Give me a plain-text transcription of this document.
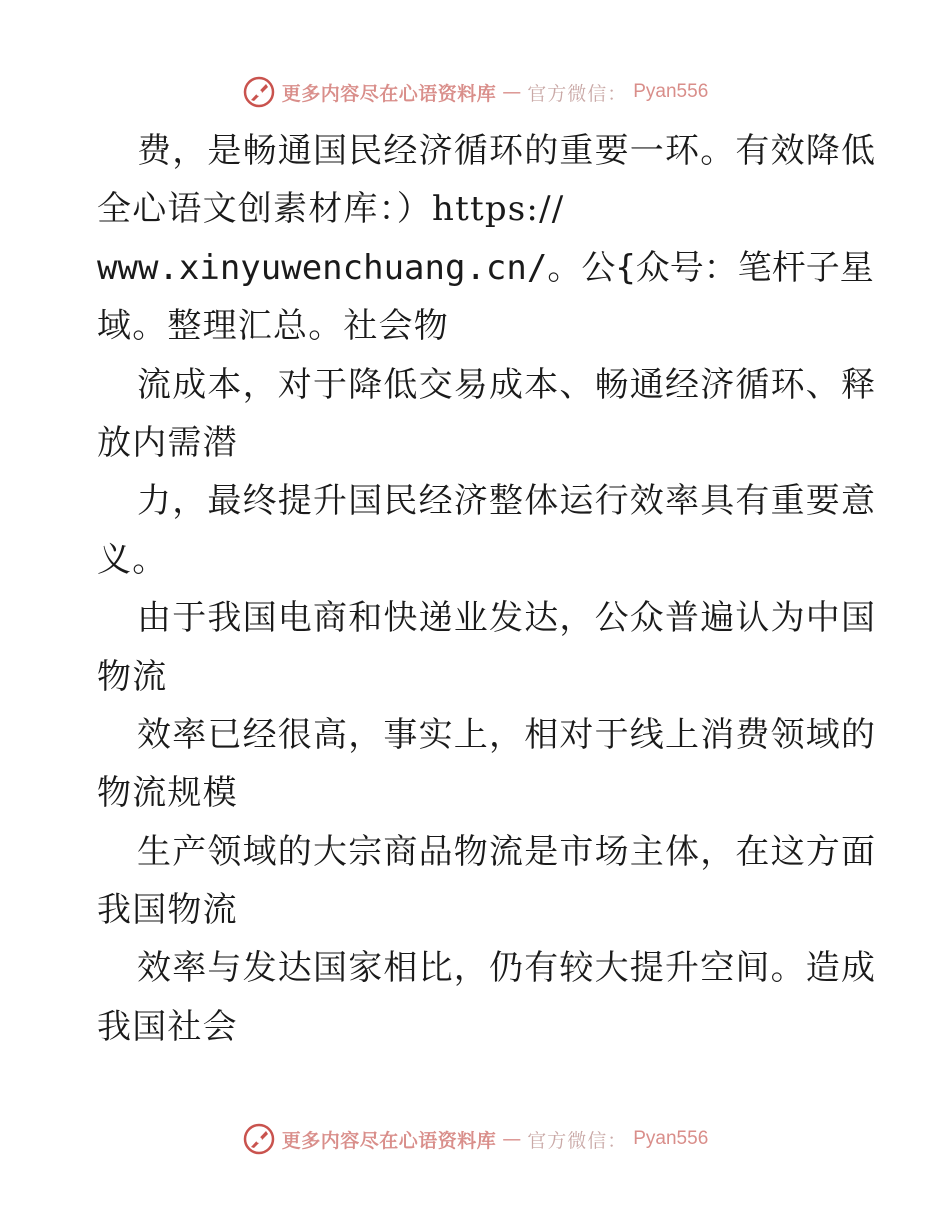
更多内容尽在心语资料库 — 官方微信： Pyan556
费，是畅通国民经济循环的重要一环。有效降低
全心语文创素材库：）https://
www.xinyuwenchuang.cn/。公{众号：笔杆子星
域。整理汇总。社会物
流成本，对于降低交易成本、畅通经济循环、释
放内需潜
力，最终提升国民经济整体运行效率具有重要意
义。
由于我国电商和快递业发达，公众普遍认为中国
物流
效率已经很高，事实上，相对于线上消费领域的
物流规模
生产领域的大宗商品物流是市场主体，在这方面
我国物流
效率与发达国家相比，仍有较大提升空间。造成
我国社会
更多内容尽在心语资料库 — 官方微信： Pyan556
